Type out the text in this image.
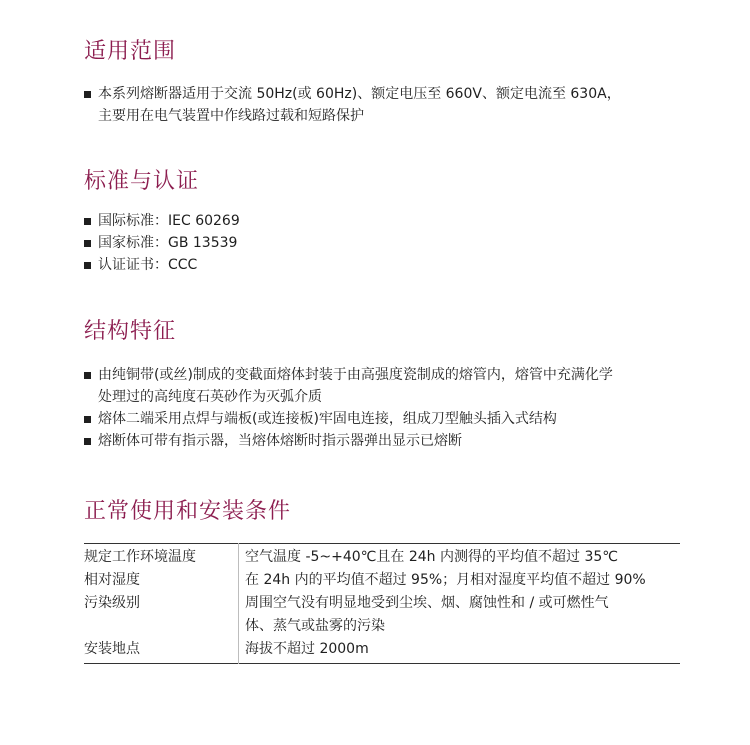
适用范围
本系列熔断器适用于交流 50Hz(或 60Hz)、额定电压至 660V、额定电流至 630A，
主要用在电气装置中作线路过载和短路保护
标准与认证
国际标准：IEC 60269
国家标准：GB 13539
认证证书：CCC
结构特征
由纯铜带(或丝)制成的变截面熔体封装于由高强度瓷制成的熔管内，熔管中充满化学
处理过的高纯度石英砂作为灭弧介质
熔体二端采用点焊与端板(或连接板)牢固电连接，组成刀型触头插入式结构
熔断体可带有指示器，当熔体熔断时指示器弹出显示已熔断
正常使用和安装条件
规定工作环境温度	空气温度 -5~+40℃且在 24h 内测得的平均值不超过 35℃
相对湿度	在 24h 内的平均值不超过 95%；月相对湿度平均值不超过 90%
污染级别	周围空气没有明显地受到尘埃、烟、腐蚀性和 / 或可燃性气
体、蒸气或盐雾的污染

安装地点	海拔不超过 2000m
